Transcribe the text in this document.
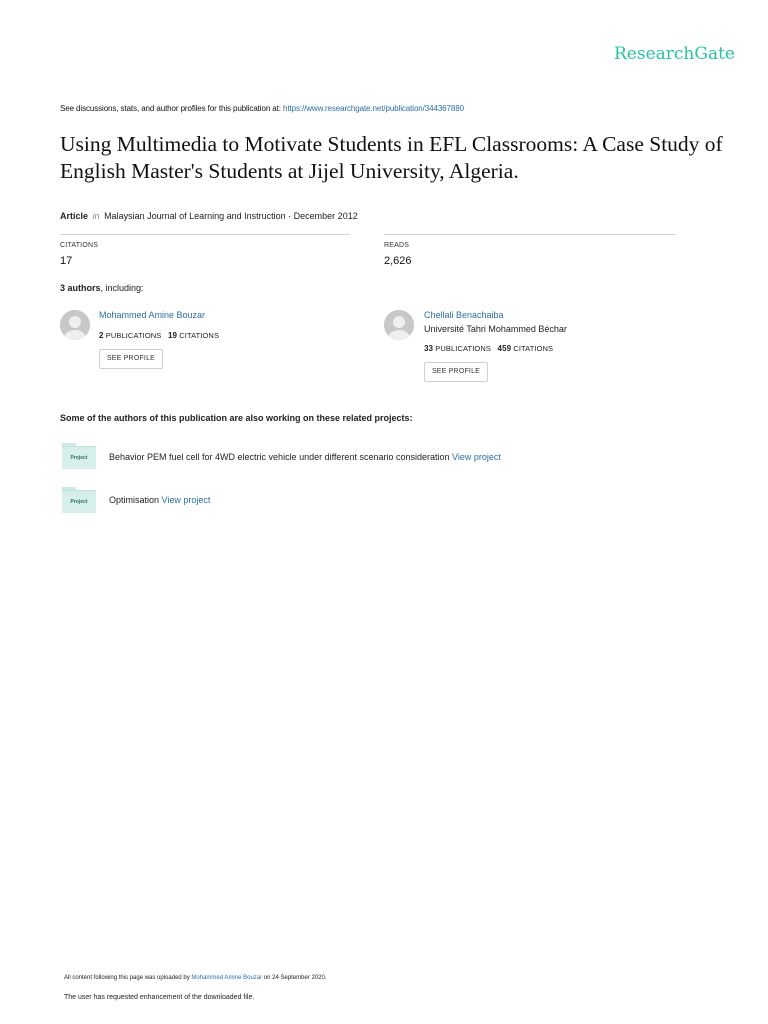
ResearchGate
See discussions, stats, and author profiles for this publication at: https://www.researchgate.net/publication/344367880
Using Multimedia to Motivate Students in EFL Classrooms: A Case Study of English Master's Students at Jijel University, Algeria.
Article in Malaysian Journal of Learning and Instruction · December 2012
CITATIONS
17
READS
2,626
3 authors, including:
Mohammed Amine Bouzar
2 PUBLICATIONS 19 CITATIONS
SEE PROFILE
Chellali Benachaiba
Université Tahri Mohammed Béchar
33 PUBLICATIONS 459 CITATIONS
SEE PROFILE
Some of the authors of this publication are also working on these related projects:
Project	Behavior PEM fuel cell for 4WD electric vehicle under different scenario consideration View project
Project	Optimisation View project
All content following this page was uploaded by Mohammed Amine Bouzar on 24 September 2020.
The user has requested enhancement of the downloaded file.
